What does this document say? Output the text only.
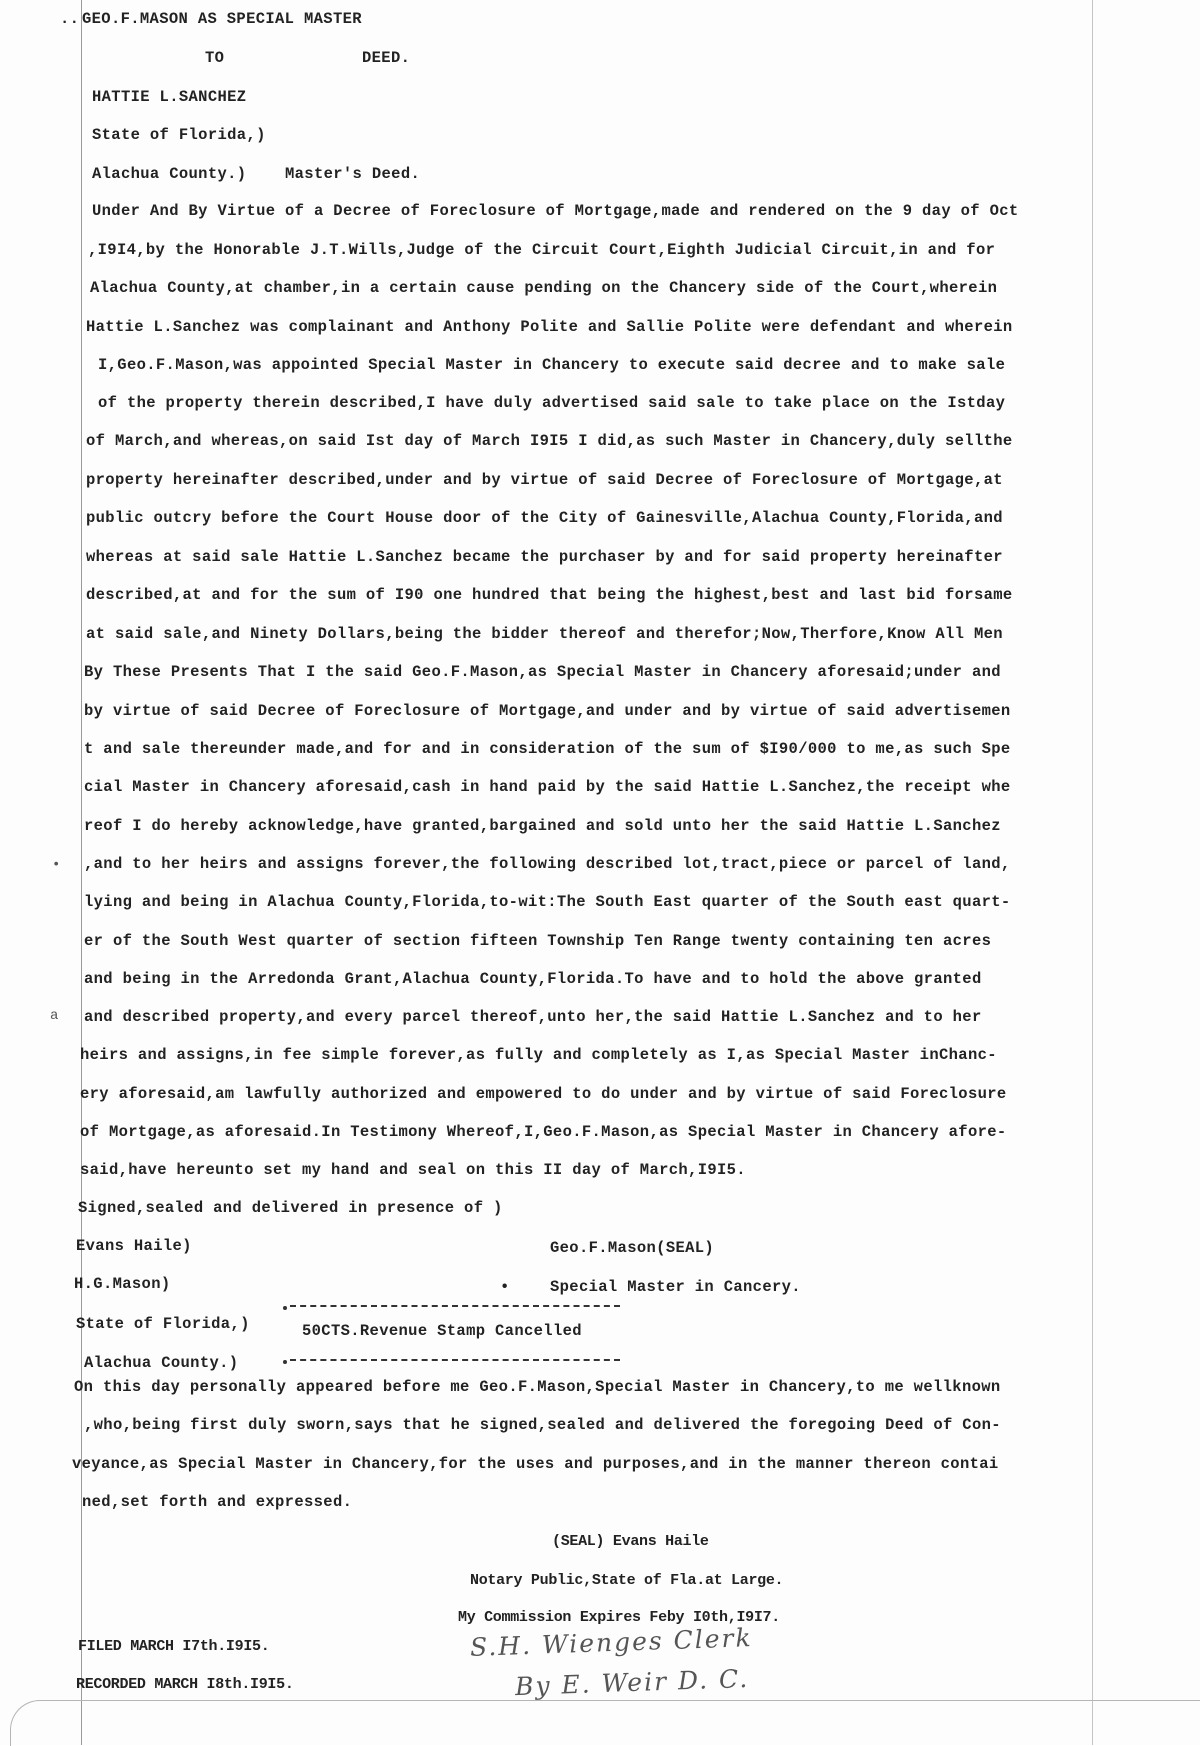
.. GEO.F.MASON AS SPECIAL MASTER
TO	DEED.
HATTIE L.SANCHEZ
State of Florida,)
Alachua County.) Master's Deed.
Under And By Virtue of a Decree of Foreclosure of Mortgage,made and rendered on the 9 day of Oct
,I9I4,by the Honorable J.T.Wills,Judge of the Circuit Court,Eighth Judicial Circuit,in and for
Alachua County,at chamber,in a certain cause pending on the Chancery side of the Court,wherein
Hattie L.Sanchez was complainant and Anthony Polite and Sallie Polite were defendant and wherein
I,Geo.F.Mason,was appointed Special Master in Chancery to execute said decree and to make sale
of the property therein described,I have duly advertised said sale to take place on the Istday
of March,and whereas,on said Ist day of March I9I5 I did,as such Master in Chancery,duly sellthe
property hereinafter described,under and by virtue of said Decree of Foreclosure of Mortgage,at
public outcry before the Court House door of the City of Gainesville,Alachua County,Florida,and
whereas at said sale Hattie L.Sanchez became the purchaser by and for said property hereinafter
described,at and for the sum of I90 one hundred that being the highest,best and last bid forsame
at said sale,and Ninety Dollars,being the bidder thereof and therefor;Now,Therfore,Know All Men
By These Presents That I the said Geo.F.Mason,as Special Master in Chancery aforesaid;under and
by virtue of said Decree of Foreclosure of Mortgage,and under and by virtue of said advertisemen
t and sale thereunder made,and for and in consideration of the sum of $I90/000 to me,as such Spe
cial Master in Chancery aforesaid,cash in hand paid by the said Hattie L.Sanchez,the receipt whe
reof I do hereby acknowledge,have granted,bargained and sold unto her the said Hattie L.Sanchez
,and to her heirs and assigns forever,the following described lot,tract,piece or parcel of land,
lying and being in Alachua County,Florida,to-wit:The South East quarter of the South east quart-
er of the South West quarter of section fifteen Township Ten Range twenty containing ten acres
and being in the Arredonda Grant,Alachua County,Florida.To have and to hold the above granted
and described property,and every parcel thereof,unto her,the said Hattie L.Sanchez and to her
heirs and assigns,in fee simple forever,as fully and completely as I,as Special Master inChanc-
ery aforesaid,am lawfully authorized and empowered to do under and by virtue of said Foreclosure
of Mortgage,as aforesaid.In Testimony Whereof,I,Geo.F.Mason,as Special Master in Chancery afore-
said,have hereunto set my hand and seal on this II day of March,I9I5.
•
a
Signed,sealed and delivered in presence of )
Evans Haile)	Geo.F.Mason(SEAL)
H.G.Mason)	•	Special Master in Cancery.
State of Florida,)	50CTS.Revenue Stamp Cancelled
Alachua County.)
On this day personally appeared before me Geo.F.Mason,Special Master in Chancery,to me wellknown
,who,being first duly sworn,says that he signed,sealed and delivered the foregoing Deed of Con-
veyance,as Special Master in Chancery,for the uses and purposes,and in the manner thereon contai
ned,set forth and expressed.
(SEAL) Evans Haile
Notary Public,State of Fla.at Large.
My Commission Expires Feby I0th,I9I7.
FILED MARCH I7th.I9I5.
RECORDED MARCH I8th.I9I5.
S.H. Wienges Clerk
By E. Weir D. C.
